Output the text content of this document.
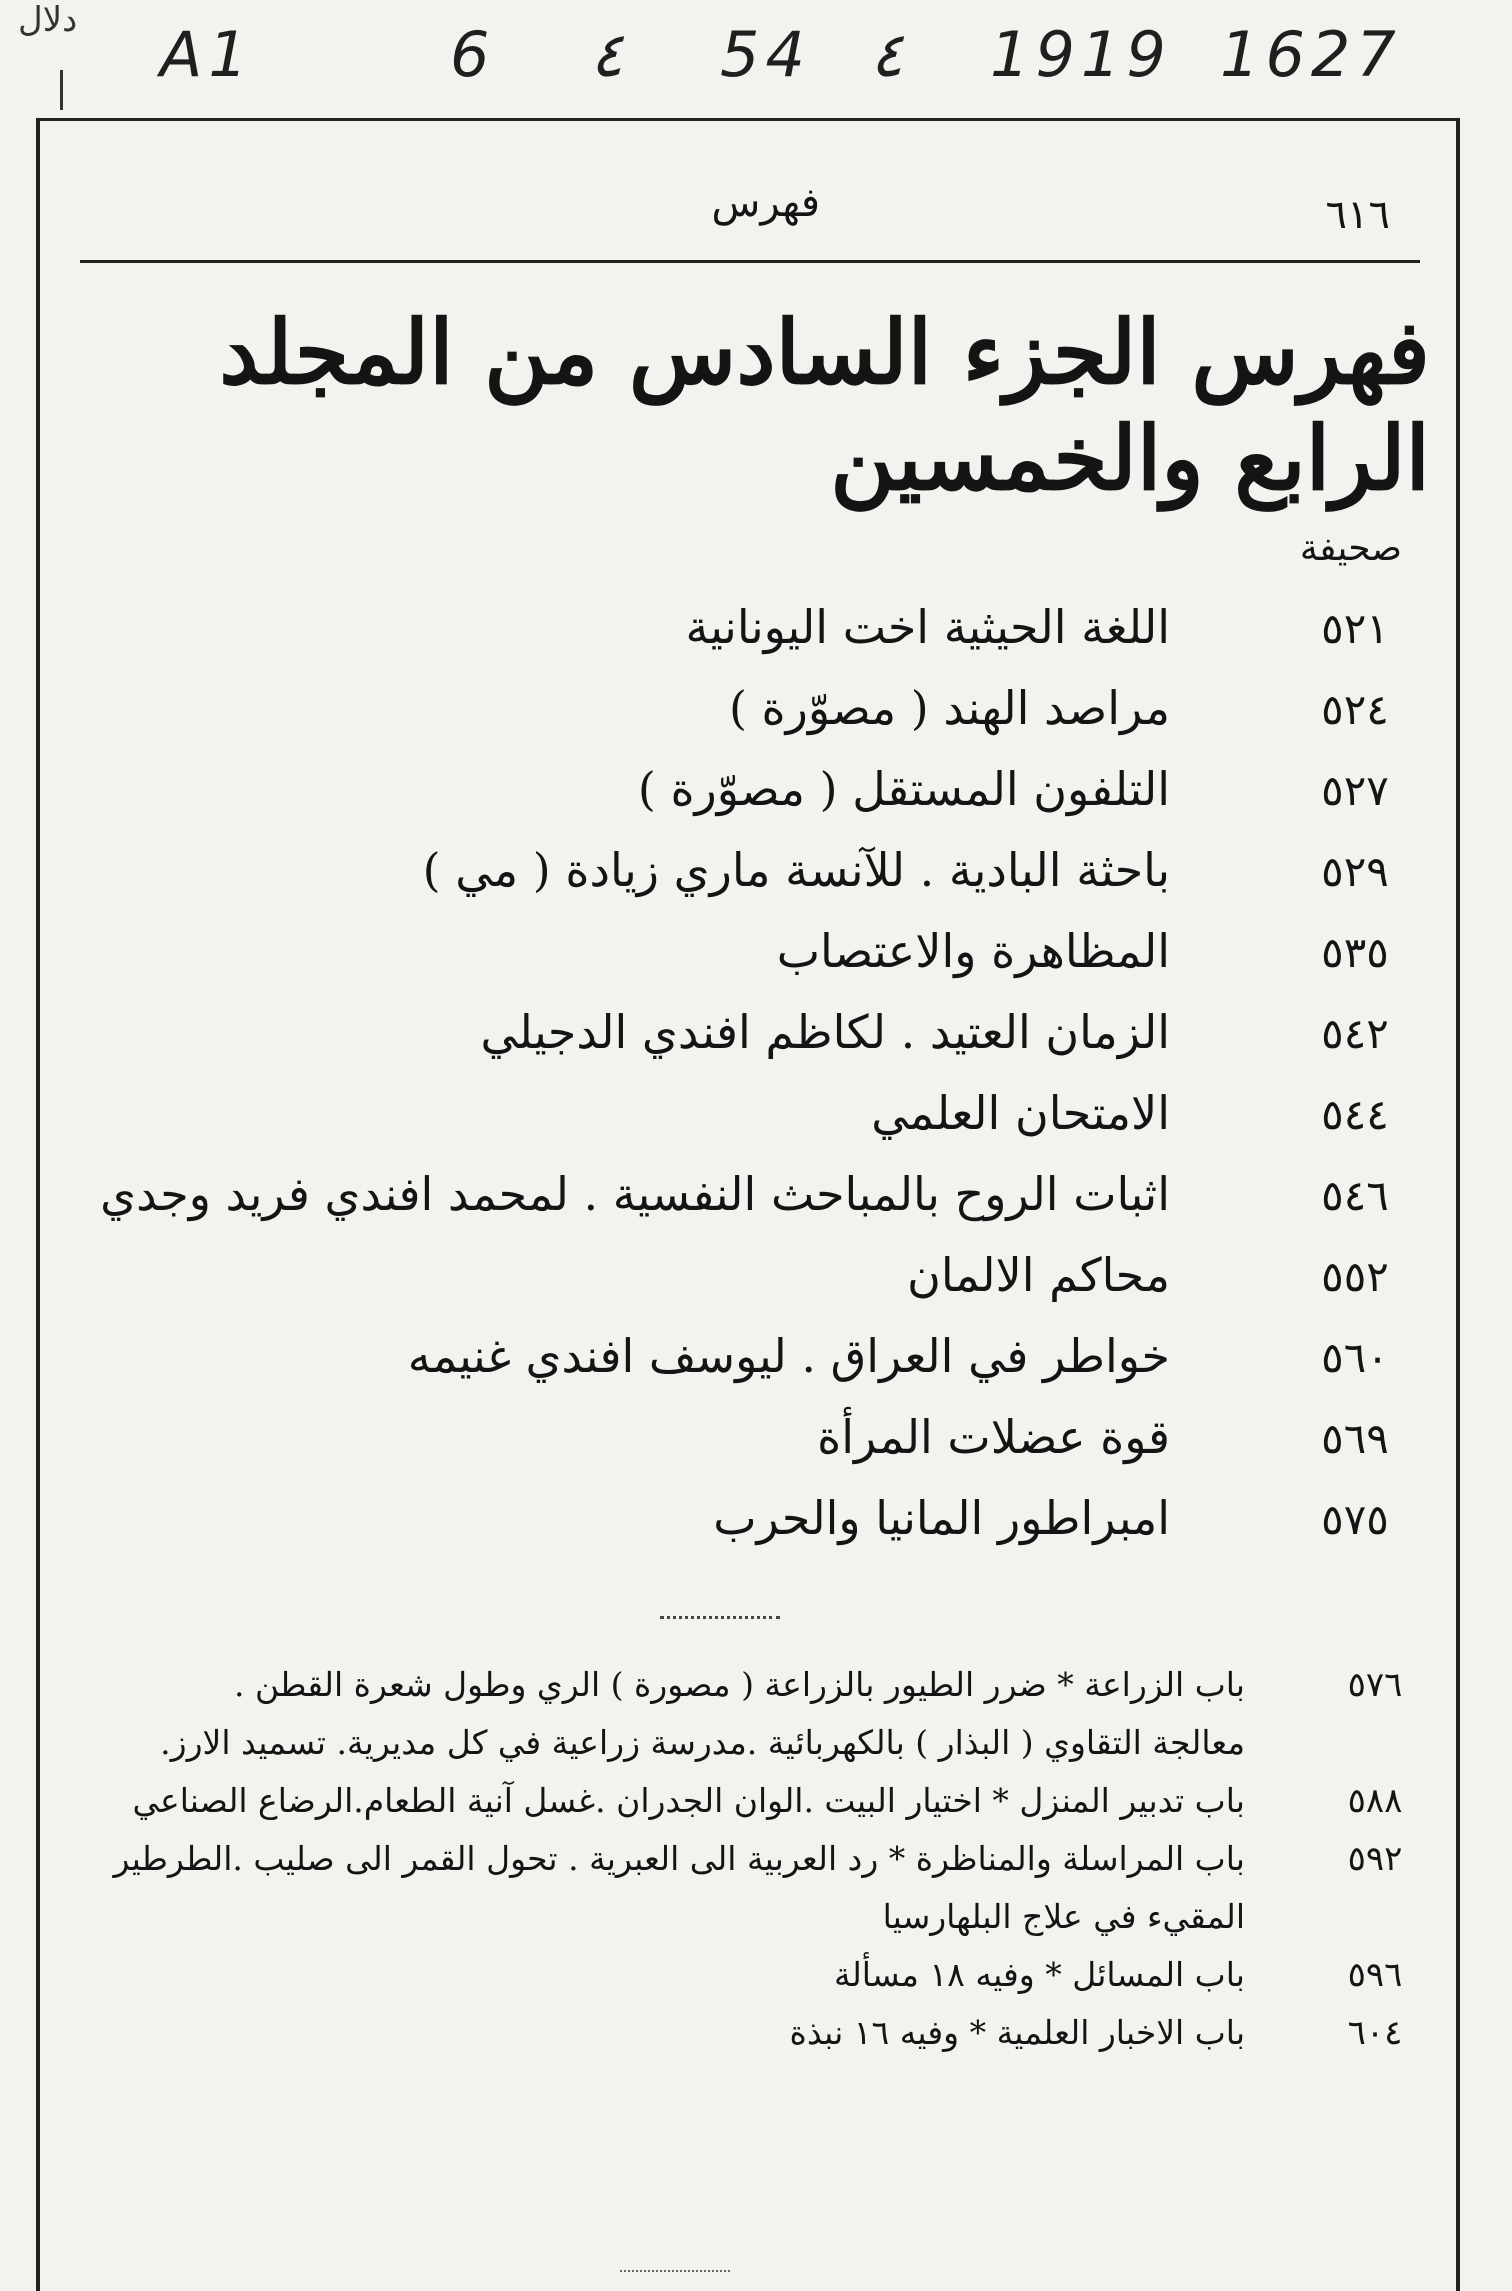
دلال A1	6 ٤ 54 ٤ 1919 1627
٦١٦
فهرس
فهرس الجزء السادس من المجلد الرابع والخمسين
صحيفة
٥٢١
اللغة الحيثية اخت اليونانية
٥٢٤
مراصد الهند ( مصوّرة )
٥٢٧
التلفون المستقل ( مصوّرة )
٥٢٩
باحثة البادية . للآنسة ماري زيادة ( مي )
٥٣٥
المظاهرة والاعتصاب
٥٤٢
الزمان العتيد . لكاظم افندي الدجيلي
٥٤٤
الامتحان العلمي
٥٤٦
اثبات الروح بالمباحث النفسية . لمحمد افندي فريد وجدي
٥٥٢
محاكم الالمان
٥٦٠
خواطر في العراق . ليوسف افندي غنيمه
٥٦٩
قوة عضلات المرأة
٥٧٥
امبراطور المانيا والحرب
٥٧٦
باب الزراعة * ضرر الطيور بالزراعة ( مصورة ) الري وطول شعرة القطن .
معالجة التقاوي ( البذار ) بالكهربائية .مدرسة زراعية في كل مديرية. تسميد الارز.
٥٨٨
باب تدبير المنزل * اختيار البيت .الوان الجدران .غسل آنية الطعام.الرضاع الصناعي
٥٩٢
باب المراسلة والمناظرة * رد العربية الى العبرية . تحول القمر الى صليب .الطرطير
المقيء في علاج البلهارسيا
٥٩٦
باب المسائل * وفيه ١٨ مسألة
٦٠٤
باب الاخبار العلمية * وفيه ١٦ نبذة
